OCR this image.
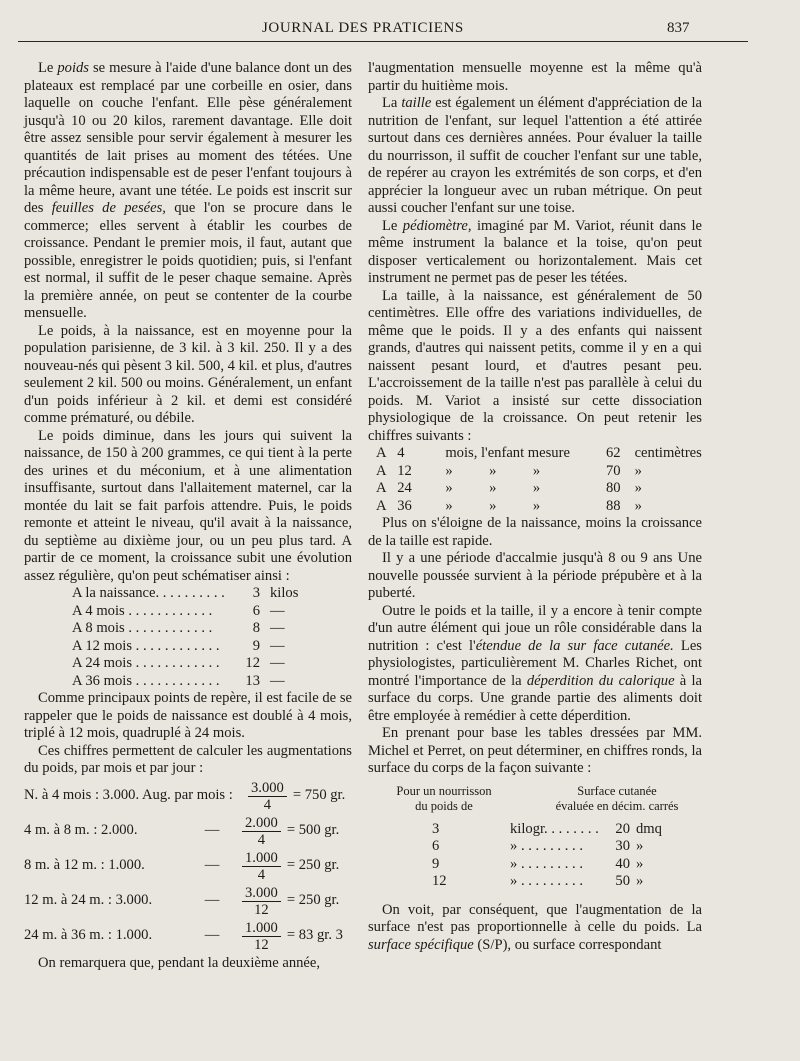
JOURNAL DES PRATICIENS	837

Le poids se mesure à l'aide d'une balance dont un des plateaux est remplacé par une corbeille en osier, dans laquelle on couche l'enfant. Elle pèse généralement jusqu'à 10 ou 20 kilos, rarement davantage. Elle doit être assez sensible pour servir également à mesurer les quantités de lait prises au moment des tétées. Une précaution indispensable est de peser l'enfant toujours à la même heure, avant une tétée. Le poids est inscrit sur des feuilles de pesées, que l'on se procure dans le commerce; elles servent à établir les courbes de croissance. Pendant le premier mois, il faut, autant que possible, enregistrer le poids quotidien; puis, si l'enfant est normal, il suffit de le peser chaque semaine. Après la première année, on peut se contenter de la courbe mensuelle.

Le poids, à la naissance, est en moyenne pour la population parisienne, de 3 kil. à 3 kil. 250. Il y a des nouveau-nés qui pèsent 3 kil. 500, 4 kil. et plus, d'autres seulement 2 kil. 500 ou moins. Généralement, un enfant d'un poids inférieur à 2 kil. et demi est considéré comme prématuré, ou débile.

Le poids diminue, dans les jours qui suivent la naissance, de 150 à 200 grammes, ce qui tient à la perte des urines et du méconium, et à une alimentation insuffisante, surtout dans l'allaitement maternel, car la montée du lait se fait parfois attendre. Puis, le poids remonte et atteint le niveau, qu'il avait à la naissance, du septième au dixième jour, ou un peu plus tard. A partir de ce moment, la croissance subit une évolution assez régulière, qu'on peut schématiser ainsi :

A la naissance. . . . . . . . . .	3 kilos
A 4 mois . . . . . . . . . . . .	6 —
A 8 mois . . . . . . . . . . . .	8 —
A 12 mois . . . . . . . . . . . .	9 —
A 24 mois . . . . . . . . . . . .	12 —
A 36 mois . . . . . . . . . . . .	13 —

Comme principaux points de repère, il est facile de se rappeler que le poids de naissance est doublé à 4 mois, triplé à 12 mois, quadruplé à 24 mois.

Ces chiffres permettent de calculer les augmentations du poids, par mois et par jour :

N. à 4 mois : 3.000. Aug. par mois :	$\frac{3.000}{4} = 750$ gr.
4 m. à 8 m. : 2.000.	—	$\frac{2.000}{4} = 500$ gr.
8 m. à 12 m. : 1.000.	—	$\frac{1.000}{4} = 250$ gr.
12 m. à 24 m. : 3.000.	—	$\frac{3.000}{12} = 250$ gr.
24 m. à 36 m. : 1.000.	—	$\frac{1.000}{12} = 83$ gr. 3

On remarquera que, pendant la deuxième année,

l'augmentation mensuelle moyenne est la même qu'à partir du huitième mois.

La taille est également un élément d'appréciation de la nutrition de l'enfant, sur lequel l'attention a été attirée surtout dans ces dernières années. Pour évaluer la taille du nourrisson, il suffit de coucher l'enfant sur une table, de repérer au crayon les extrémités de son corps, et d'en apprécier la longueur avec un ruban métrique. On peut aussi coucher l'enfant sur une toise.

Le pédiomètre, imaginé par M. Variot, réunit dans le même instrument la balance et la toise, qu'on peut disposer verticalement ou horizontalement. Mais cet instrument ne permet pas de peser les tétées.

La taille, à la naissance, est généralement de 50 centimètres. Elle offre des variations individuelles, de même que le poids. Il y a des enfants qui naissent grands, d'autres qui naissent petits, comme il y en a qui naissent pesant lourd, et d'autres pesant peu. L'accroissement de la taille n'est pas parallèle à celui du poids. M. Variot a insisté sur cette dissociation physiologique de la croissance. On peut retenir les chiffres suivants :

A 4	mois, l'enfant mesure	62 centimètres
A 12	»          »          »	70 »
A 24	»          »          »	80 »
A 36	»          »          »	88 »

Plus on s'éloigne de la naissance, moins la croissance de la taille est rapide.

Il y a une période d'accalmie jusqu'à 8 ou 9 ans Une nouvelle poussée survient à la période prépubère et à la puberté.

Outre le poids et la taille, il y a encore à tenir compte d'un autre élément qui joue un rôle considérable dans la nutrition : c'est l'étendue de la sur face cutanée. Les physiologistes, particulièrement M. Charles Richet, ont montré l'importance de la déperdition du calorique à la surface du corps. Une grande partie des aliments doit être employée à remédier à cette déperdition.

En prenant pour base les tables dressées par MM. Michel et Perret, on peut déterminer, en chiffres ronds, la surface du corps de la façon suivante :

Pour un nourrisson
du poids de
Surface cutanée
évaluée en décim. carrés
3	kilogr. . . . . . . .	20 dmq
6	» . . . . . . . . .	30 »
9	» . . . . . . . . .	40 »
12	» . . . . . . . . .	50 »

On voit, par conséquent, que l'augmentation de la surface n'est pas proportionnelle à celle du poids. La surface spécifique (S/P), ou surface correspondant
